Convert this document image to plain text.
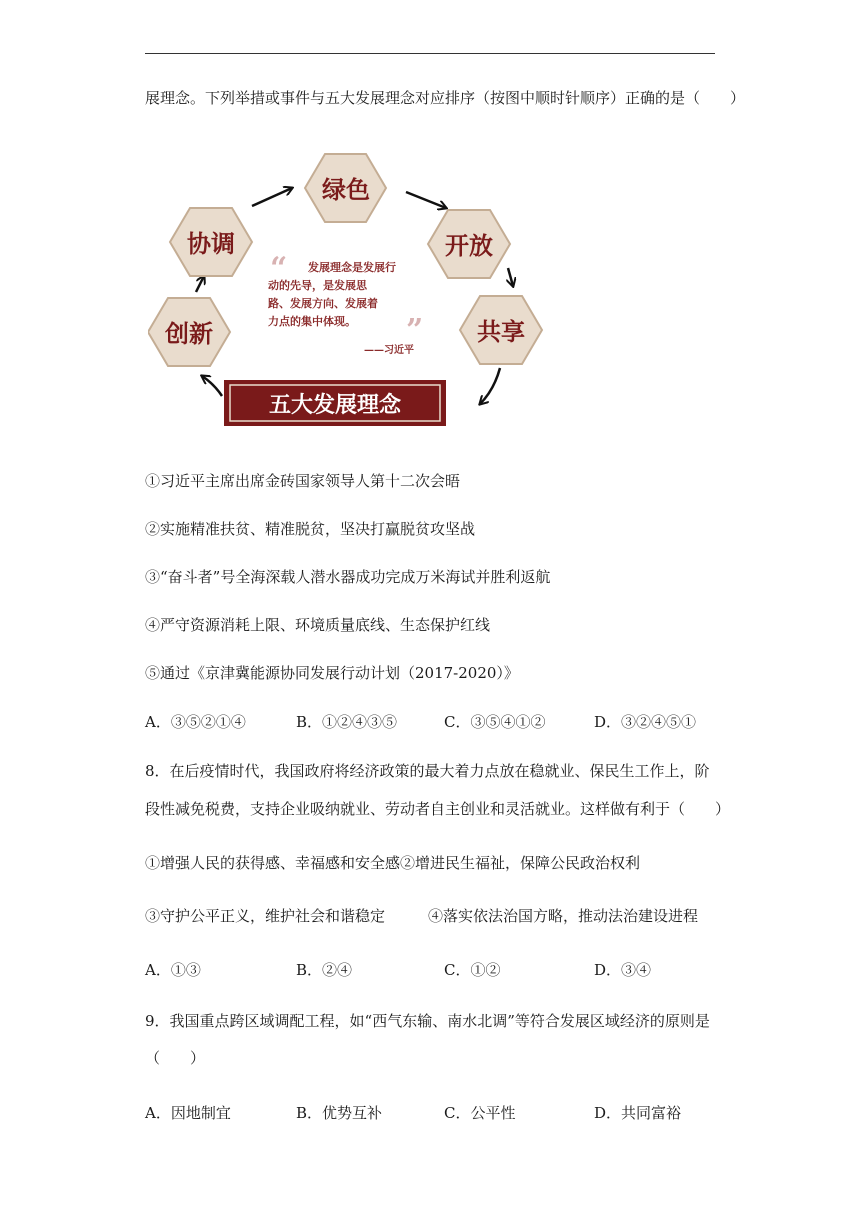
展理念。下列举措或事件与五大发展理念对应排序（按图中顺时针顺序）正确的是（　　）
绿色
开放
共享
创新
协调
“
”
发展理念是发展行
动的先导，是发展思
路、发展方向、发展着
力点的集中体现。
——习近平
五大发展理念
①习近平主席出席金砖国家领导人第十二次会晤
②实施精准扶贫、精准脱贫，坚决打赢脱贫攻坚战
③“奋斗者”号全海深载人潜水器成功完成万米海试并胜利返航
④严守资源消耗上限、环境质量底线、生态保护红线
⑤通过《京津冀能源协同发展行动计划（2017-2020）》
A．③⑤②①④	B．①②④③⑤	C．③⑤④①②	D．③②④⑤①
8．在后疫情时代，我国政府将经济政策的最大着力点放在稳就业、保民生工作上，阶
段性减免税费，支持企业吸纳就业、劳动者自主创业和灵活就业。这样做有利于（　　）
①增强人民的获得感、幸福感和安全感②增进民生福祉，保障公民政治权利
③守护公平正义，维护社会和谐稳定	④落实依法治国方略，推动法治建设进程
A．①③	B．②④	C．①②	D．③④
9．我国重点跨区域调配工程，如“西气东输、南水北调”等符合发展区域经济的原则是
（　　）
A．因地制宜	B．优势互补	C．公平性	D．共同富裕
